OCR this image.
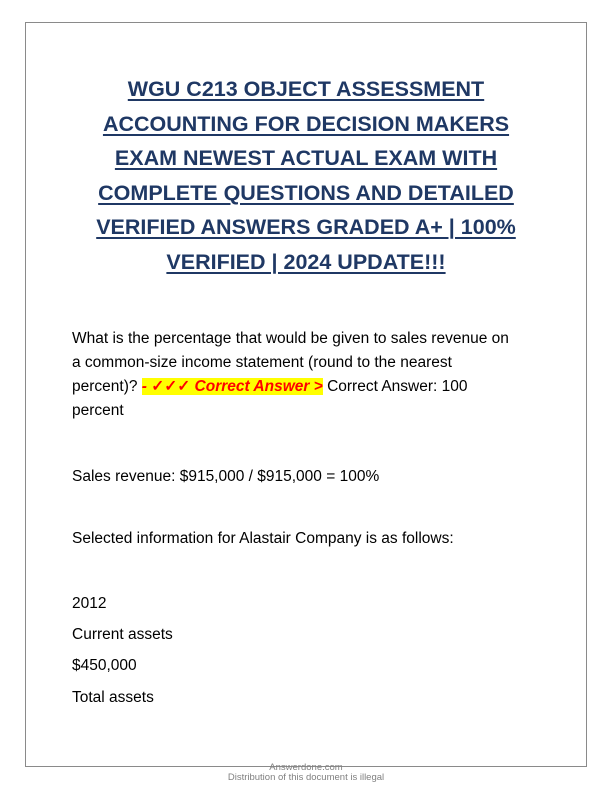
WGU C213 OBJECT ASSESSMENT
ACCOUNTING FOR DECISION MAKERS
EXAM NEWEST ACTUAL EXAM WITH
COMPLETE QUESTIONS AND DETAILED
VERIFIED ANSWERS GRADED A+ | 100%
VERIFIED | 2024 UPDATE!!!
What is the percentage that would be given to sales revenue on
a common-size income statement (round to the nearest
percent)? - ✓✓✓ Correct Answer > Correct Answer: 100
percent
Sales revenue: $915,000 / $915,000 = 100%
Selected information for Alastair Company is as follows:
2012
Current assets
$450,000
Total assets
Answerdone.com
Distribution of this document is illegal
